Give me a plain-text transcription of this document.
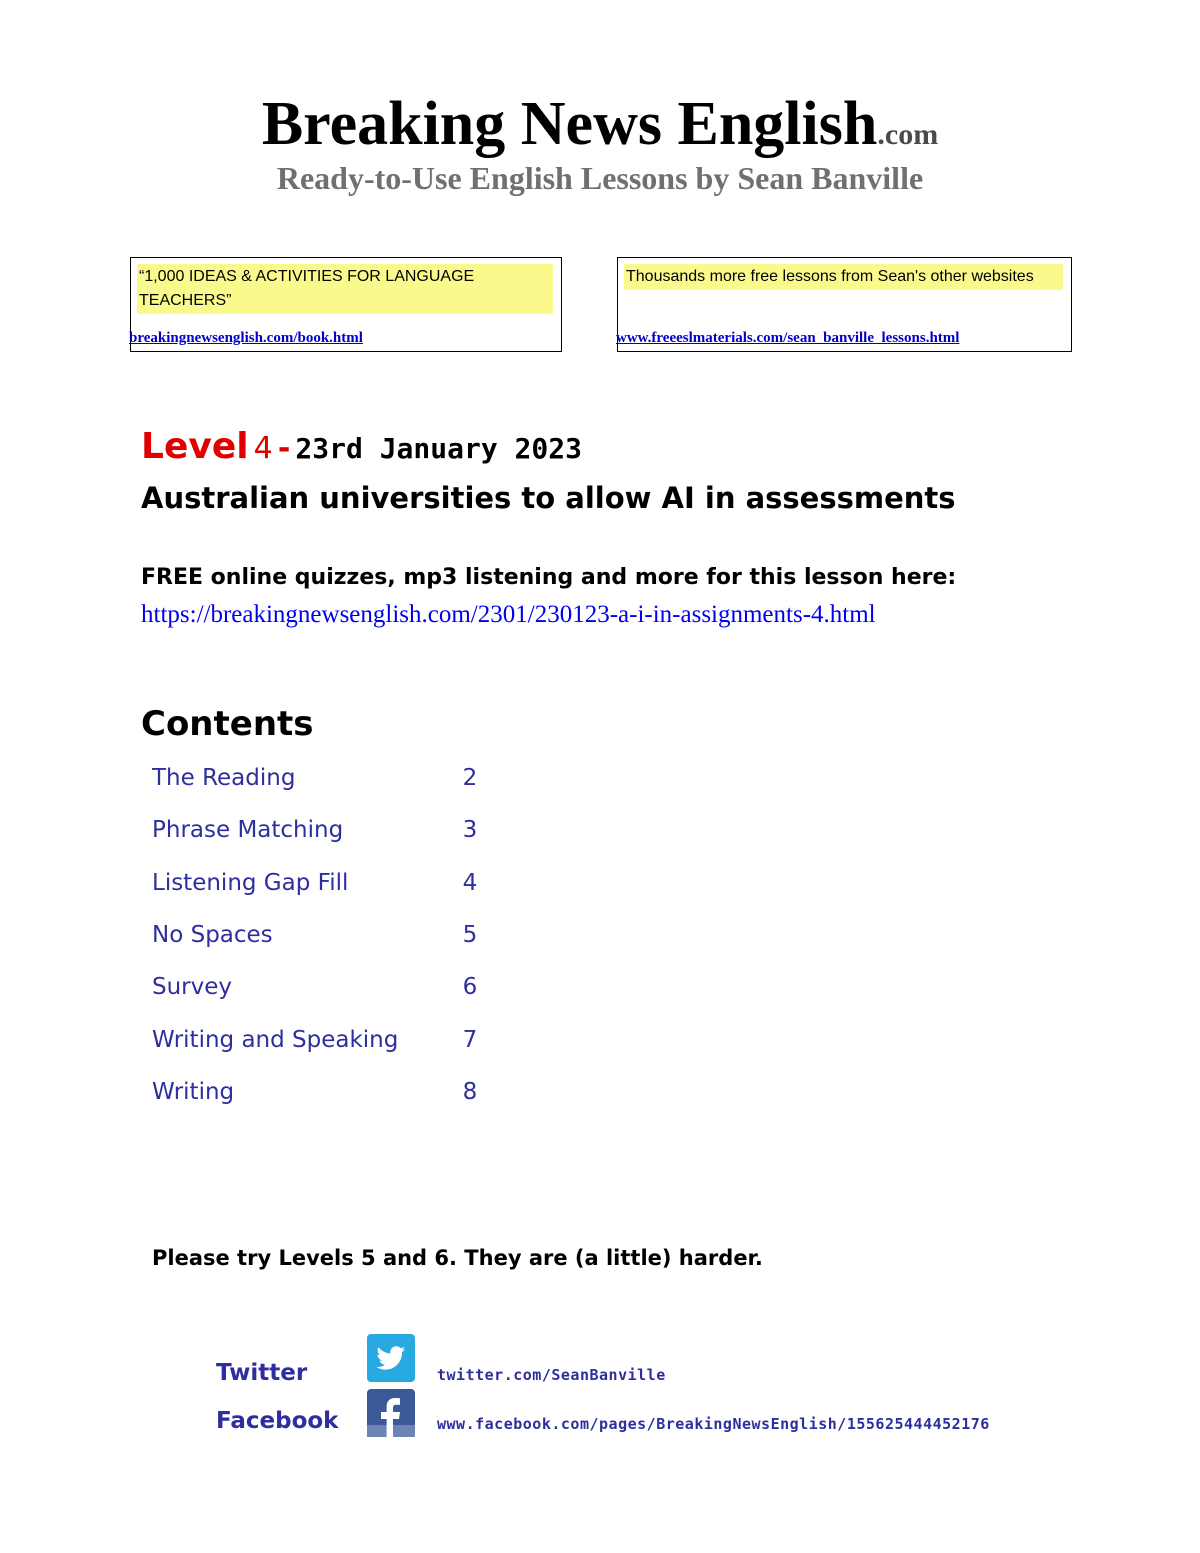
Breaking News English.com
Ready-to-Use English Lessons by Sean Banville
“1,000 IDEAS & ACTIVITIES FOR LANGUAGE TEACHERS”
breakingnewsenglish.com/book.html
Thousands more free lessons from Sean's other websites
www.freeeslmaterials.com/sean_banville_lessons.html
Level 4 - 23rd January 2023
Australian universities to allow AI in assessments
FREE online quizzes, mp3 listening and more for this lesson here:
https://breakingnewsenglish.com/2301/230123-a-i-in-assignments-4.html
Contents
The Reading	2
Phrase Matching	3
Listening Gap Fill	4
No Spaces	5
Survey	6
Writing and Speaking	7
Writing	8
Please try Levels 5 and 6. They are (a little) harder.
Twitter	twitter.com/SeanBanville
Facebook	www.facebook.com/pages/BreakingNewsEnglish/155625444452176
